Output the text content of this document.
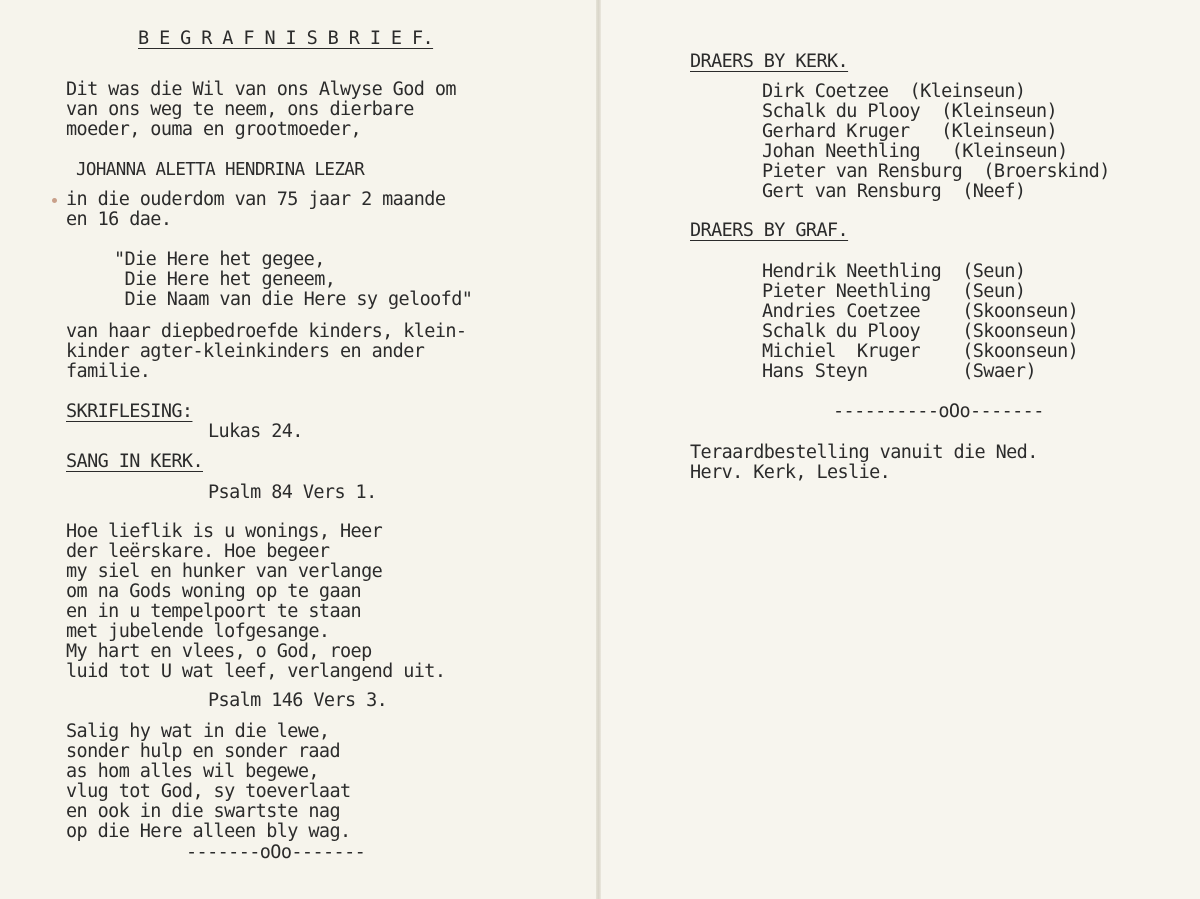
B E G R A F N I S B R I E F.
Dit was die Wil van ons Alwyse God om
van ons weg te neem, ons dierbare
moeder, ouma en grootmoeder,
JOHANNA ALETTA HENDRINA LEZAR
in die ouderdom van 75 jaar 2 maande
en 16 dae.
"Die Here het gegee,
Die Here het geneem,
Die Naam van die Here sy geloofd"
van haar diepbedroefde kinders, klein-
kinder agter-kleinkinders en ander
familie.
SKRIFLESING:
Lukas 24.
SANG IN KERK.
Psalm 84 Vers 1.
Hoe lieflik is u wonings, Heer
der leërskare. Hoe begeer
my siel en hunker van verlange
om na Gods woning op te gaan
en in u tempelpoort te staan
met jubelende lofgesange.
My hart en vlees, o God, roep
luid tot U wat leef, verlangend uit.
Psalm 146 Vers 3.
Salig hy wat in die lewe,
sonder hulp en sonder raad
as hom alles wil begewe,
vlug tot God, sy toeverlaat
en ook in die swartste nag
op die Here alleen bly wag.
-------oOo-------
DRAERS BY KERK.
Dirk Coetzee  (Kleinseun)
Schalk du Plooy  (Kleinseun)
Gerhard Kruger   (Kleinseun)
Johan Neethling   (Kleinseun)
Pieter van Rensburg  (Broerskind)
Gert van Rensburg  (Neef)
DRAERS BY GRAF.
Hendrik Neethling  (Seun)
Pieter Neethling   (Seun)
Andries Coetzee    (Skoonseun)
Schalk du Plooy    (Skoonseun)
Michiel  Kruger    (Skoonseun)
Hans Steyn         (Swaer)
----------oOo-------
Teraardbestelling vanuit die Ned.
Herv. Kerk, Leslie.
